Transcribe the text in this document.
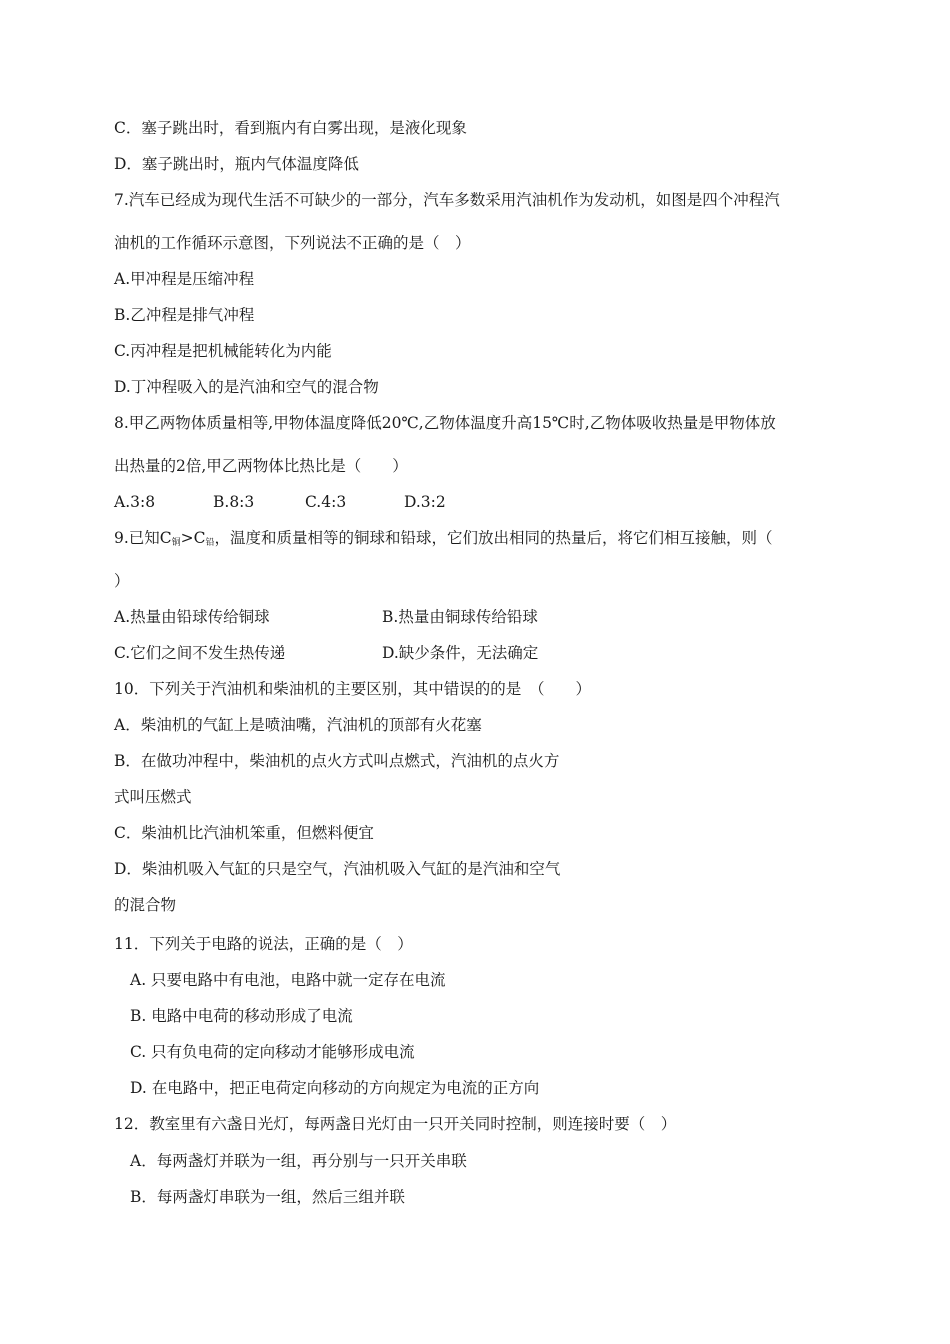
C．塞子跳出时，看到瓶内有白雾出现，是液化现象
D．塞子跳出时，瓶内气体温度降低
7.汽车已经成为现代生活不可缺少的一部分，汽车多数采用汽油机作为发动机，如图是四个冲程汽
油机的工作循环示意图，下列说法不正确的是（　）
A.甲冲程是压缩冲程
B.乙冲程是排气冲程
C.丙冲程是把机械能转化为内能
D.丁冲程吸入的是汽油和空气的混合物
8.甲乙两物体质量相等,甲物体温度降低20℃,乙物体温度升高15℃时,乙物体吸收热量是甲物体放
出热量的2倍,甲乙两物体比热比是（　　）
A.3:8	B.8:3	C.4:3	D.3:2
9.已知$C_铜>C_铅$，温度和质量相等的铜球和铅球，它们放出相同的热量后，将它们相互接触，则（
）
A.热量由铅球传给铜球	B.热量由铜球传给铅球
C.它们之间不发生热传递	D.缺少条件，无法确定
10．下列关于汽油机和柴油机的主要区别，其中错误的的是　（　　）
A．柴油机的气缸上是喷油嘴，汽油机的顶部有火花塞
B．在做功冲程中，柴油机的点火方式叫点燃式，汽油机的点火方
式叫压燃式
C．柴油机比汽油机笨重，但燃料便宜
D．柴油机吸入气缸的只是空气，汽油机吸入气缸的是汽油和空气
的混合物
11．下列关于电路的说法，正确的是（　）
A. 只要电路中有电池，电路中就一定存在电流
B. 电路中电荷的移动形成了电流
C. 只有负电荷的定向移动才能够形成电流
D. 在电路中，把正电荷定向移动的方向规定为电流的正方向
12．教室里有六盏日光灯，每两盏日光灯由一只开关同时控制，则连接时要（　）
A．每两盏灯并联为一组，再分别与一只开关串联
B．每两盏灯串联为一组，然后三组并联
